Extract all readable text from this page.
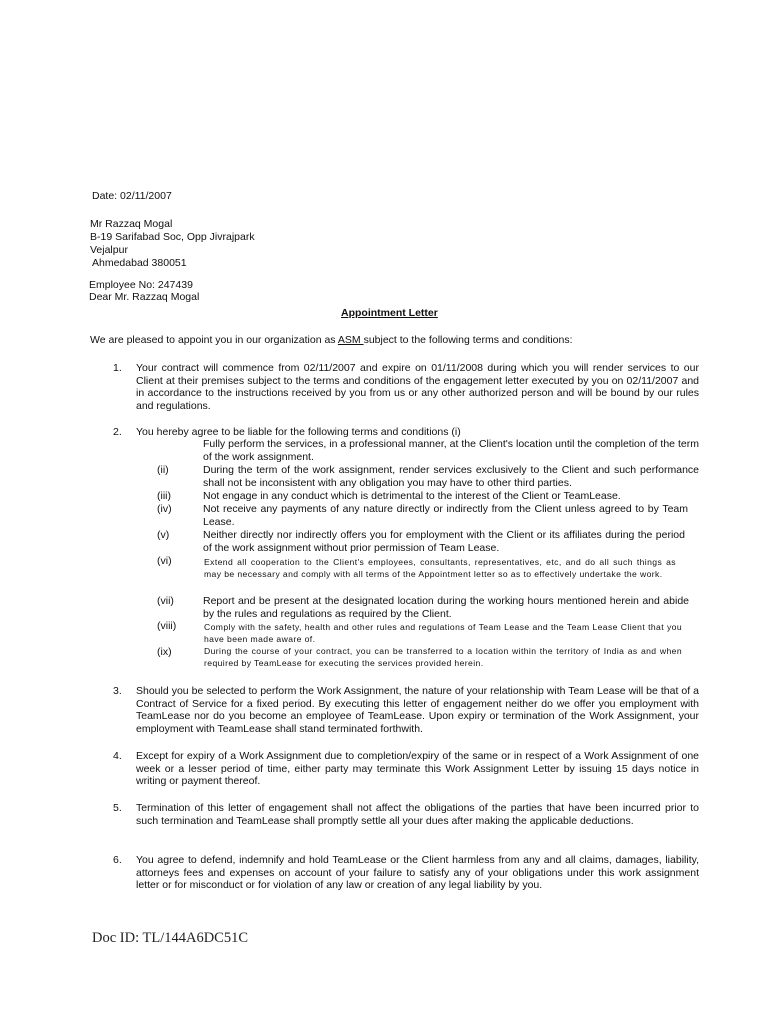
Date: 02/11/2007
Mr Razzaq Mogal
B-19 Sarifabad Soc, Opp Jivrajpark
Vejalpur
Ahmedabad 380051
Employee No: 247439
Dear Mr. Razzaq Mogal
Appointment Letter
We are pleased to appoint you in our organization as ASM subject to the following terms and conditions:
1. Your contract will commence from 02/11/2007 and expire on 01/11/2008 during which you will render services to our Client at their premises subject to the terms and conditions of the engagement letter executed by you on 02/11/2007 and in accordance to the instructions received by you from us or any other authorized person and will be bound by our rules and regulations.
2. You hereby agree to be liable for the following terms and conditions (i)
Fully perform the services, in a professional manner, at the Client's location until the completion of the term of the work assignment.
(ii)	During the term of the work assignment, render services exclusively to the Client and such performance shall not be inconsistent with any obligation you may have to other third parties.
(iii)	Not engage in any conduct which is detrimental to the interest of the Client or TeamLease.
(iv)	Not receive any payments of any nature directly or indirectly from the Client unless agreed to by Team Lease.
(v)	Neither directly nor indirectly offers you for employment with the Client or its affiliates during the period of the work assignment without prior permission of Team Lease.
(vi)	Extend all cooperation to the Client's employees, consultants, representatives, etc, and do all such things as may be necessary and comply with all terms of the Appointment letter so as to effectively undertake the work.
(vii)	Report and be present at the designated location during the working hours mentioned herein and abide by the rules and regulations as required by the Client.
(viii)	Comply with the safety, health and other rules and regulations of Team Lease and the Team Lease Client that you have been made aware of.
(ix)	During the course of your contract, you can be transferred to a location within the territory of India as and when required by TeamLease for executing the services provided herein.
3. Should you be selected to perform the Work Assignment, the nature of your relationship with Team Lease will be that of a Contract of Service for a fixed period. By executing this letter of engagement neither do we offer you employment with TeamLease nor do you become an employee of TeamLease. Upon expiry or termination of the Work Assignment, your employment with TeamLease shall stand terminated forthwith.
4. Except for expiry of a Work Assignment due to completion/expiry of the same or in respect of a Work Assignment of one week or a lesser period of time, either party may terminate this Work Assignment Letter by issuing 15 days notice in writing or payment thereof.
5. Termination of this letter of engagement shall not affect the obligations of the parties that have been incurred prior to such termination and TeamLease shall promptly settle all your dues after making the applicable deductions.
6. You agree to defend, indemnify and hold TeamLease or the Client harmless from any and all claims, damages, liability, attorneys fees and expenses on account of your failure to satisfy any of your obligations under this work assignment letter or for misconduct or for violation of any law or creation of any legal liability by you.
Doc ID: TL/144A6DC51C
